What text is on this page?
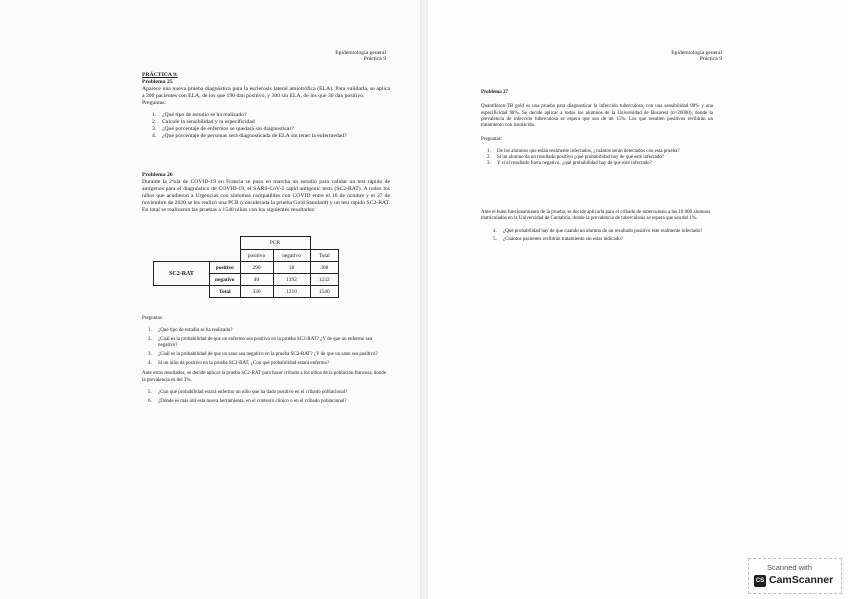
Epidemiología general
Práctica 9

PRÁCTICA 9:

Problema 25

Aparece una nueva prueba diagnóstica para la esclerosis lateral amiotrófica (ELA). Para validarla, se aplica a 200 pacientes con ELA, de los que 190 dan positivo, y 300 sin ELA, de los que 30 dan positivo.

Preguntas:

1.	¿Qué tipo de estudio se ha realizado?
2.	Calcule la sensibilidad y la especificidad
3.	¿Qué porcentaje de enfermos se quedará sin diagnosticar?
4.	¿Qué porcentaje de personas será diagnosticada de ELA sin tener la enfermedad?

Problema 26

Durante la 2ªola de COVID-19 en Francia se puso en marcha un estudio para validar un test rápido de antígenos para el diagnóstico de COVID-19, el SARS-CoV-2 rapid antigenic tests (SC2-RAT). A todos los niños que acudieron a Urgencias con síntomas compatibles con COVID entre el 10 de octubre y el 27 de noviembre de 2020 se les realizó una PCR (considerada la prueba Gold Standard) y un test rápido SC2-RAT. En total se realizaron las pruebas a 1540 niños con los siguientes resultados:

		PCR		
		positivo	negativo	Total
SC2-RAT	positivo	290	18	308
	negativo	40	1192	1232
	Total	330	1210	1540

Preguntas:

1.	¿Qué tipo de estudio se ha realizado?
2.	¿Cuál es la probabilidad de que un enfermo sea positivo en la prueba SC2-RAT? ¿Y de que un enfermo sea negativo?
3.	¿Cuál es la probabilidad de que un sano sea negativo en la prueba SC2-RAT? ¿Y de que un sano sea positivo?
4.	Si un niño da positivo en la prueba SC2-RAT, ¿Con qué probabilidad estará enfermo?

Ante estos resultados, se decide aplicar la prueba SC2-RAT para hacer cribado a los niños de la población francesa, donde la prevalencia es del 3%.

5.	¿Con qué probabilidad estará enfermo un niño que ha dado positivo en el cribado poblacional?
6.	¿Dónde es más útil esta nueva herramienta, en el contexto clínico o en el cribado poblacional?
Epidemiología general
Práctica 9

Problema 27

Quantiferon-TB gold es una prueba para diagnosticar la infección tuberculosa, con una sensibilidad 90% y una especificidad 98%. Se decide aplicar a todos los alumnos de la Universidad de Bucarest (n=20000), donde la prevalencia de infección tuberculosa se espera que sea de un 15%. Los que resulten positivos recibirán un tratamiento con isoniacida.

Preguntas:

1.	De los alumnos que están realmente infectados, ¿cuántos serán detectados con esta prueba?
2.	Si un alumno da un resultado positivo ¿qué probabilidad hay de que esté infectado?
3.	Y si el resultado fuera negativo, ¿qué probabilidad hay de que esté infectado?

Ante el buen funcionamiento de la prueba, se decide aplicarla para el cribado de tuberculosis a los 10 000 alumnos matriculados en la Universidad de Cantabria, donde la prevalencia de tuberculosis se espera que sea del 1%.

4.	¿Qué probabilidad hay de que cuando un alumno de un resultado positivo este realmente infectado?
5.	¿Cuántos pacientes recibirán tratamiento sin estar indicado?
Scanned with
CS CamScanner
